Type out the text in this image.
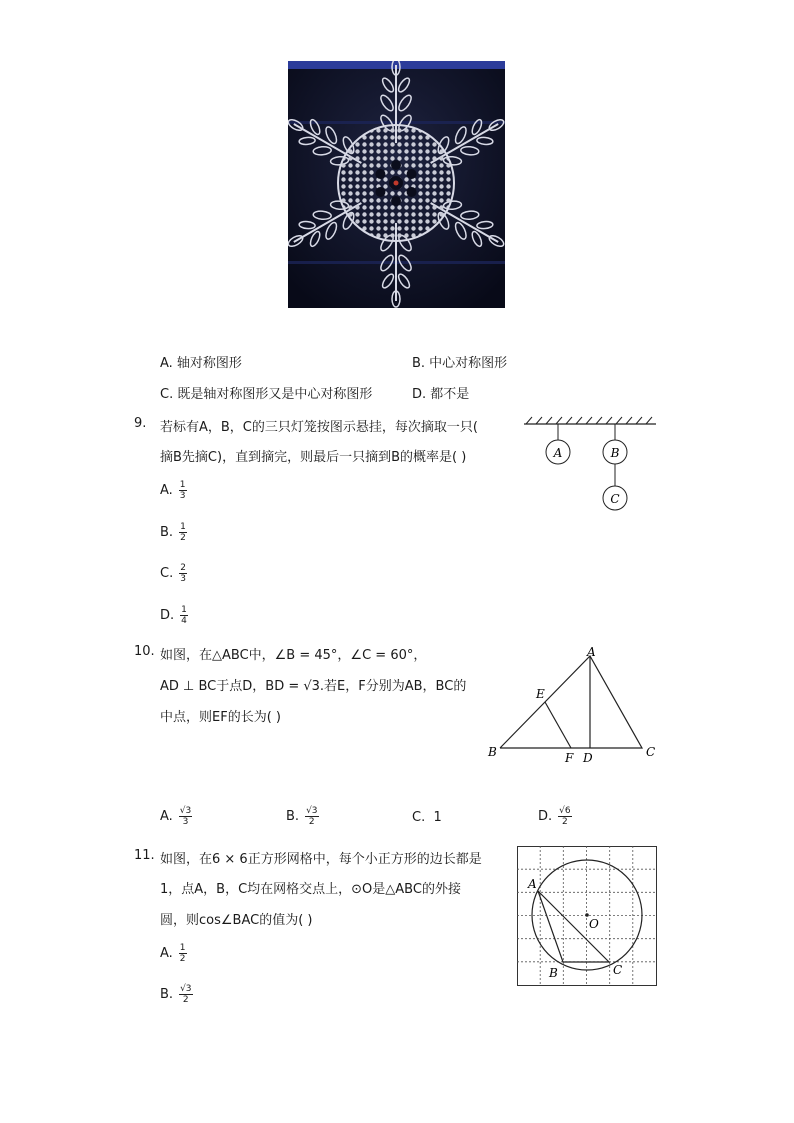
A. 轴对称图形	B. 中心对称图形
C. 既是轴对称图形又是中心对称图形	D. 都不是
9.	若标有A，B，C的三只灯笼按图示悬挂，每次摘取一只(
摘B先摘C)，直到摘完，则最后一只摘到B的概率是( )
A. $\frac{1}{3}$
B. $\frac{1}{2}$
C. $\frac{2}{3}$
D. $\frac{1}{4}$
A	B
C
10. 如图，在△ABC中，∠B = 45°，∠C = 60°，
AD ⊥ BC于点D，BD = √3.若E，F分别为AB，BC的
中点，则EF的长为( )
A
E
B	F D	C
A. $\frac{√3}{3}$	B. $\frac{√3}{2}$	C. 1	D. $\frac{√6}{2}$
11. 如图，在6 × 6正方形网格中，每个小正方形的边长都是
1，点A，B，C均在网格交点上，⊙O是△ABC的外接
圆，则cos∠BAC的值为( )
A. $\frac{1}{2}$
B. $\frac{√3}{2}$
A
O
B	C
